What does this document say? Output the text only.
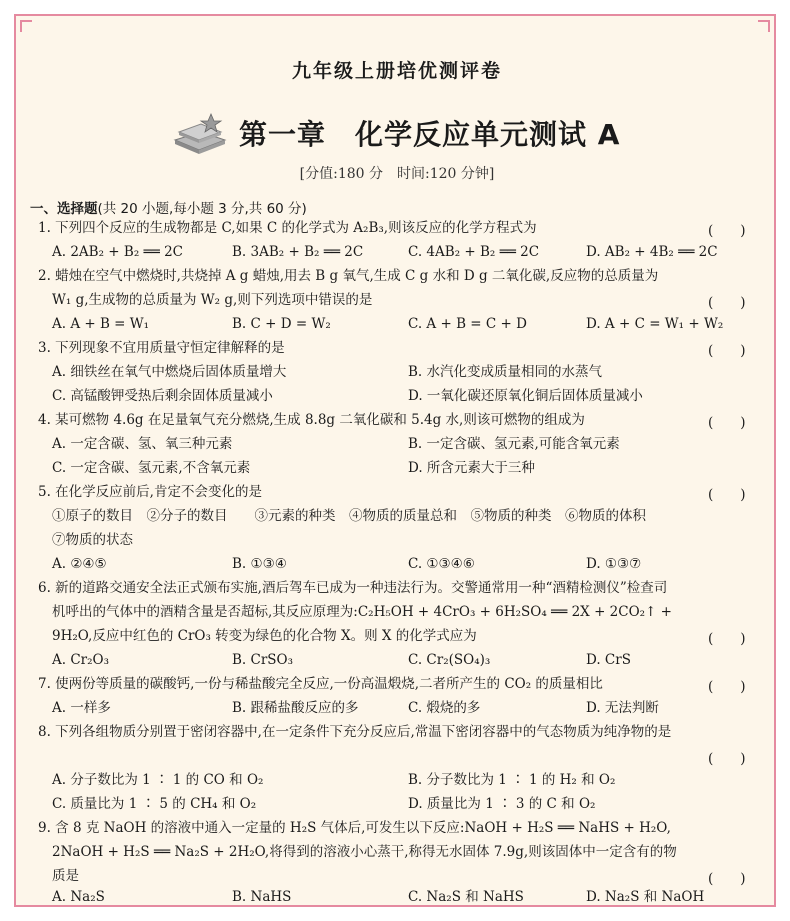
九年级上册培优测评卷
第一章　化学反应单元测试 A
[分值:180 分　时间:120 分钟]
一、选择题(共 20 小题,每小题 3 分,共 60 分)
1. 下列四个反应的生成物都是 C,如果 C 的化学式为 A₂B₃,则该反应的化学方程式为	(　　)
A. 2AB₂ + B₂ ══ 2C	B. 3AB₂ + B₂ ══ 2C	C. 4AB₂ + B₂ ══ 2C	D. AB₂ + 4B₂ ══ 2C
2. 蜡烛在空气中燃烧时,共烧掉 A g 蜡烛,用去 B g 氧气,生成 C g 水和 D g 二氧化碳,反应物的总质量为
W₁ g,生成物的总质量为 W₂ g,则下列选项中错误的是	(　　)
A. A + B = W₁	B. C + D = W₂	C. A + B = C + D	D. A + C = W₁ + W₂
3. 下列现象不宜用质量守恒定律解释的是	(　　)
A. 细铁丝在氧气中燃烧后固体质量增大	B. 水汽化变成质量相同的水蒸气
C. 高锰酸钾受热后剩余固体质量减小	D. 一氧化碳还原氧化铜后固体质量减小
4. 某可燃物 4.6g 在足量氧气充分燃烧,生成 8.8g 二氧化碳和 5.4g 水,则该可燃物的组成为	(　　)
A. 一定含碳、氢、氧三种元素	B. 一定含碳、氢元素,可能含氧元素
C. 一定含碳、氢元素,不含氧元素	D. 所含元素大于三种
5. 在化学反应前后,肯定不会变化的是	(　　)
①原子的数目　②分子的数目　　③元素的种类　④物质的质量总和　⑤物质的种类　⑥物质的体积
⑦物质的状态
A. ②④⑤	B. ①③④	C. ①③④⑥	D. ①③⑦
6. 新的道路交通安全法正式颁布实施,酒后驾车已成为一种违法行为。交警通常用一种“酒精检测仪”检查司
机呼出的气体中的酒精含量是否超标,其反应原理为:C₂H₅OH + 4CrO₃ + 6H₂SO₄ ══ 2X + 2CO₂↑ +
9H₂O,反应中红色的 CrO₃ 转变为绿色的化合物 X。则 X 的化学式应为	(　　)
A. Cr₂O₃	B. CrSO₃	C. Cr₂(SO₄)₃	D. CrS
7. 使两份等质量的碳酸钙,一份与稀盐酸完全反应,一份高温煅烧,二者所产生的 CO₂ 的质量相比	(　　)
A. 一样多	B. 跟稀盐酸反应的多	C. 煅烧的多	D. 无法判断
8. 下列各组物质分别置于密闭容器中,在一定条件下充分反应后,常温下密闭容器中的气态物质为纯净物的是
(　　)
A. 分子数比为 1 ∶ 1 的 CO 和 O₂	B. 分子数比为 1 ∶ 1 的 H₂ 和 O₂
C. 质量比为 1 ∶ 5 的 CH₄ 和 O₂	D. 质量比为 1 ∶ 3 的 C 和 O₂
9. 含 8 克 NaOH 的溶液中通入一定量的 H₂S 气体后,可发生以下反应:NaOH + H₂S ══ NaHS + H₂O,
2NaOH + H₂S ══ Na₂S + 2H₂O,将得到的溶液小心蒸干,称得无水固体 7.9g,则该固体中一定含有的物
质是	(　　)
A. Na₂S	B. NaHS	C. Na₂S 和 NaHS	D. Na₂S 和 NaOH
